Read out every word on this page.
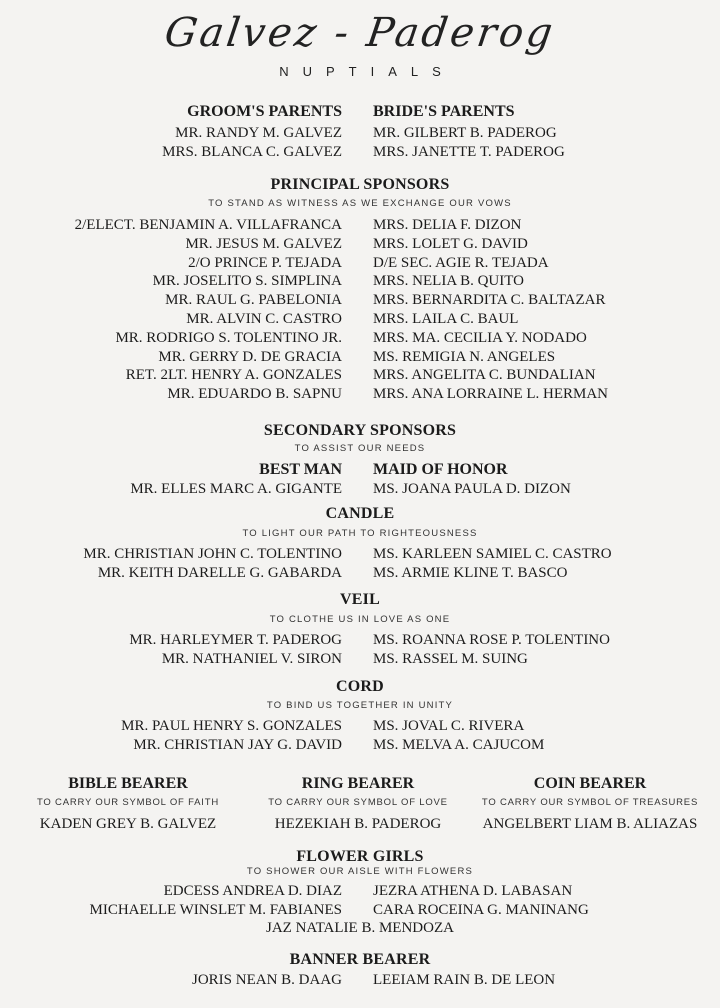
Galvez - Paderog
NUPTIALS
GROOM'S PARENTS BRIDE'S PARENTS
MR. RANDY M. GALVEZ
MRS. BLANCA C. GALVEZ
MR. GILBERT B. PADEROG
MRS. JANETTE T. PADEROG
PRINCIPAL SPONSORS
TO STAND AS WITNESS AS WE EXCHANGE OUR VOWS
2/ELECT. BENJAMIN A. VILLAFRANCA
MR. JESUS M. GALVEZ
2/O PRINCE P. TEJADA
MR. JOSELITO S. SIMPLINA
MR. RAUL G. PABELONIA
MR. ALVIN C. CASTRO
MR. RODRIGO S. TOLENTINO JR.
MR. GERRY D. DE GRACIA
RET. 2LT. HENRY A. GONZALES
MR. EDUARDO B. SAPNU
MRS. DELIA F. DIZON
MRS. LOLET G. DAVID
D/E SEC. AGIE R. TEJADA
MRS. NELIA B. QUITO
MRS. BERNARDITA C. BALTAZAR
MRS. LAILA C. BAUL
MRS. MA. CECILIA Y. NODADO
MS. REMIGIA N. ANGELES
MRS. ANGELITA C. BUNDALIAN
MRS. ANA LORRAINE L. HERMAN
SECONDARY SPONSORS
TO ASSIST OUR NEEDS
BEST MAN MAID OF HONOR
MR. ELLES MARC A. GIGANTE MS. JOANA PAULA D. DIZON
CANDLE
TO LIGHT OUR PATH TO RIGHTEOUSNESS
MR. CHRISTIAN JOHN C. TOLENTINO
MR. KEITH DARELLE G. GABARDA
MS. KARLEEN SAMIEL C. CASTRO
MS. ARMIE KLINE T. BASCO
VEIL
TO CLOTHE US IN LOVE AS ONE
MR. HARLEYMER T. PADEROG
MR. NATHANIEL V. SIRON
MS. ROANNA ROSE P. TOLENTINO
MS. RASSEL M. SUING
CORD
TO BIND US TOGETHER IN UNITY
MR. PAUL HENRY S. GONZALES
MR. CHRISTIAN JAY G. DAVID
MS. JOVAL C. RIVERA
MS. MELVA A. CAJUCOM
BIBLE BEARER
TO CARRY OUR SYMBOL OF FAITH
KADEN GREY B. GALVEZ
RING BEARER
TO CARRY OUR SYMBOL OF LOVE
HEZEKIAH B. PADEROG
COIN BEARER
TO CARRY OUR SYMBOL OF TREASURES
ANGELBERT LIAM B. ALIAZAS
FLOWER GIRLS
TO SHOWER OUR AISLE WITH FLOWERS
EDCESS ANDREA D. DIAZ
MICHAELLE WINSLET M. FABIANES
JEZRA ATHENA D. LABASAN
CARA ROCEINA G. MANINANG
JAZ NATALIE B. MENDOZA
BANNER BEARER
JORIS NEAN B. DAAG LEEIAM RAIN B. DE LEON
